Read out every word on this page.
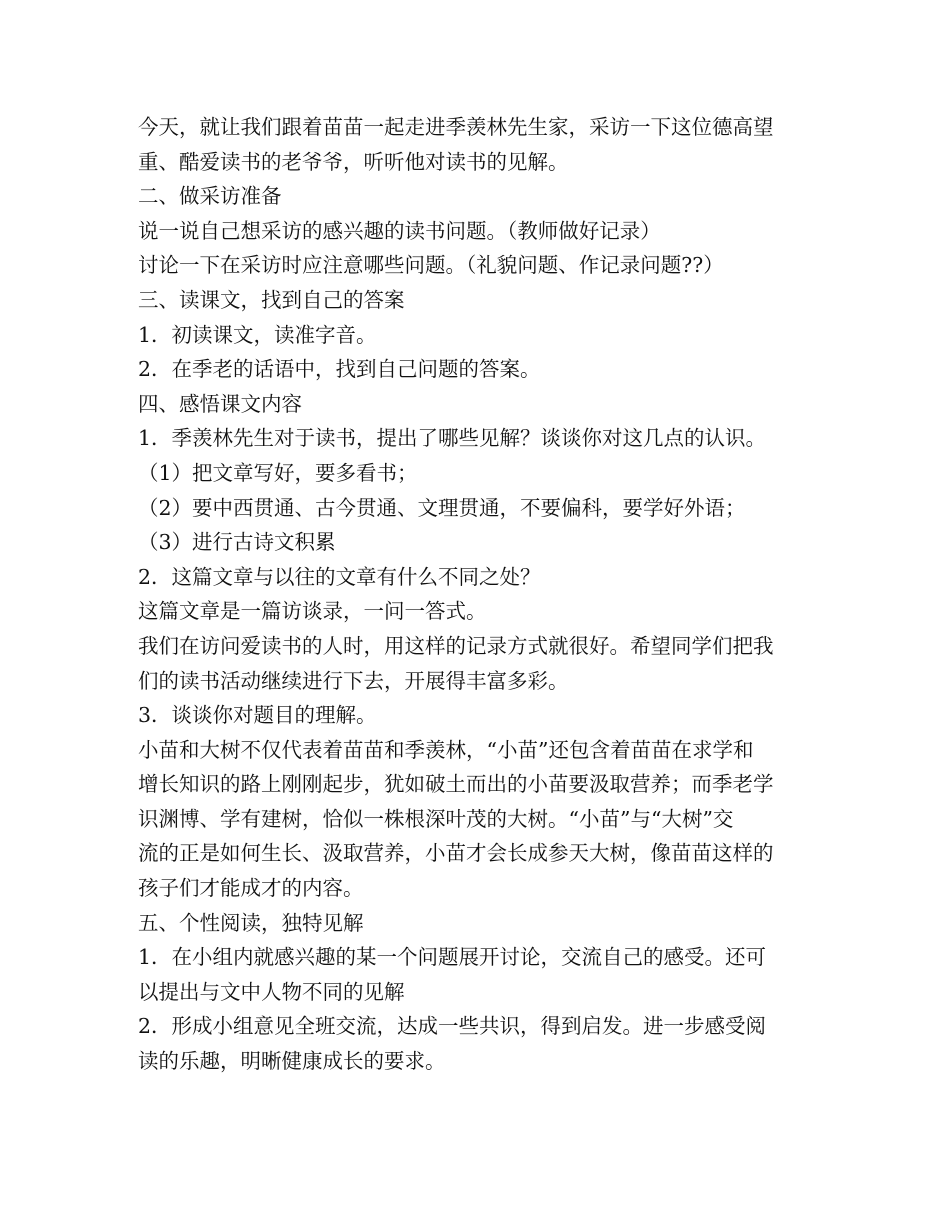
今天，就让我们跟着苗苗一起走进季羡林先生家，采访一下这位德高望
重、酷爱读书的老爷爷，听听他对读书的见解。
二、做采访准备
说一说自己想采访的感兴趣的读书问题。（教师做好记录）
讨论一下在采访时应注意哪些问题。（礼貌问题、作记录问题??）
三、读课文，找到自己的答案
1．初读课文，读准字音。
2．在季老的话语中，找到自己问题的答案。
四、感悟课文内容
1．季羡林先生对于读书，提出了哪些见解？谈谈你对这几点的认识。
（1）把文章写好，要多看书；
（2）要中西贯通、古今贯通、文理贯通，不要偏科，要学好外语；
（3）进行古诗文积累
2．这篇文章与以往的文章有什么不同之处？
这篇文章是一篇访谈录，一问一答式。
我们在访问爱读书的人时，用这样的记录方式就很好。希望同学们把我
们的读书活动继续进行下去，开展得丰富多彩。
3．谈谈你对题目的理解。
小苗和大树不仅代表着苗苗和季羡林，“小苗”还包含着苗苗在求学和
增长知识的路上刚刚起步，犹如破土而出的小苗要汲取营养；而季老学
识渊博、学有建树，恰似一株根深叶茂的大树。“小苗”与“大树”交
流的正是如何生长、汲取营养，小苗才会长成参天大树，像苗苗这样的
孩子们才能成才的内容。
五、个性阅读，独特见解
1．在小组内就感兴趣的某一个问题展开讨论，交流自己的感受。还可
以提出与文中人物不同的见解
2．形成小组意见全班交流，达成一些共识，得到启发。进一步感受阅
读的乐趣，明晰健康成长的要求。
